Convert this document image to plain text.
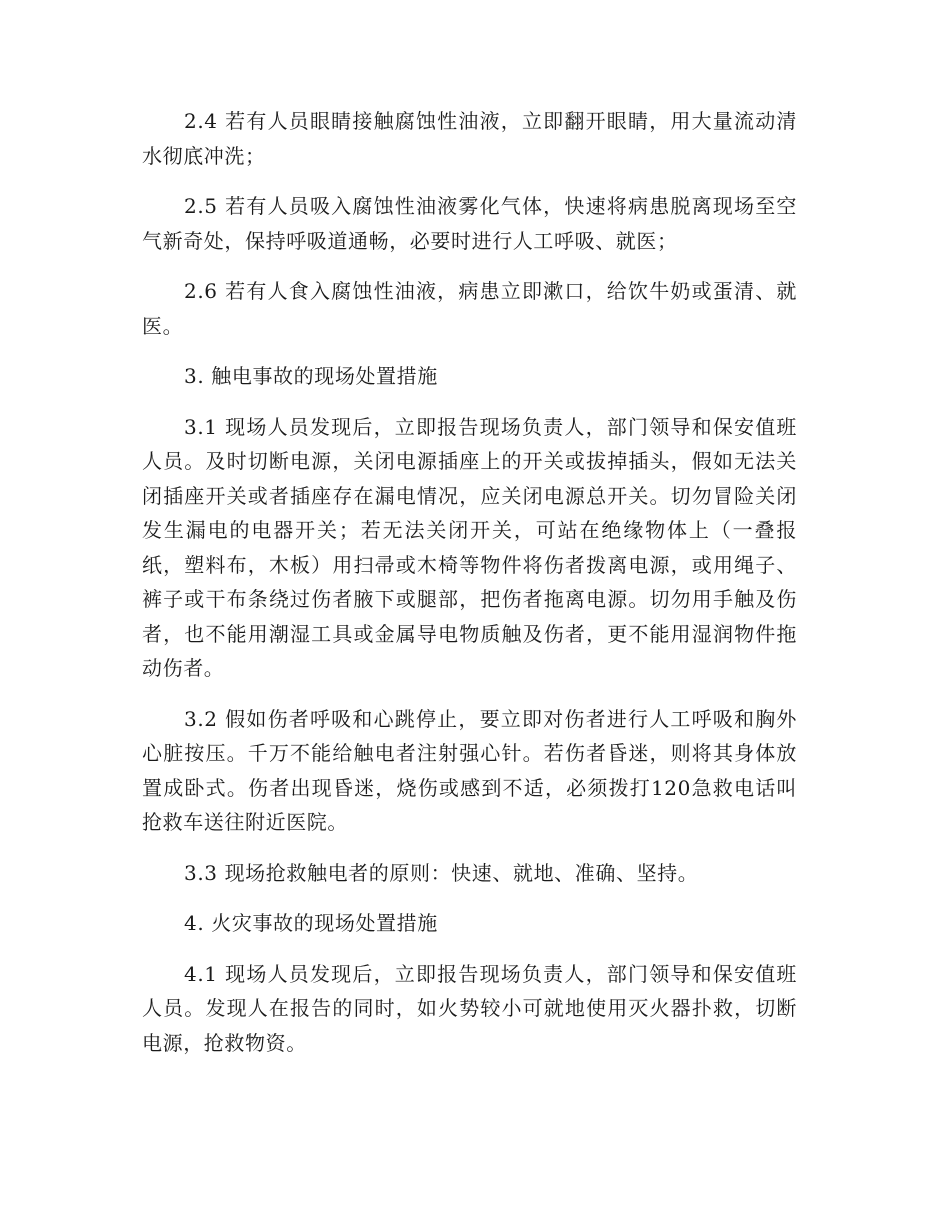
2.4 若有人员眼睛接触腐蚀性油液，立即翻开眼睛，用大量流动清水彻底冲洗；

2.5 若有人员吸入腐蚀性油液雾化气体，快速将病患脱离现场至空气新奇处，保持呼吸道通畅，必要时进行人工呼吸、就医；

2.6 若有人食入腐蚀性油液，病患立即漱口，给饮牛奶或蛋清、就医。

3. 触电事故的现场处置措施

3.1 现场人员发现后，立即报告现场负责人，部门领导和保安值班人员。及时切断电源，关闭电源插座上的开关或拔掉插头，假如无法关闭插座开关或者插座存在漏电情况，应关闭电源总开关。切勿冒险关闭发生漏电的电器开关；若无法关闭开关，可站在绝缘物体上（一叠报纸，塑料布，木板）用扫帚或木椅等物件将伤者拨离电源，或用绳子、裤子或干布条绕过伤者腋下或腿部，把伤者拖离电源。切勿用手触及伤者，也不能用潮湿工具或金属导电物质触及伤者，更不能用湿润物件拖动伤者。

3.2 假如伤者呼吸和心跳停止，要立即对伤者进行人工呼吸和胸外心脏按压。千万不能给触电者注射强心针。若伤者昏迷，则将其身体放置成卧式。伤者出现昏迷，烧伤或感到不适，必须拨打120急救电话叫抢救车送往附近医院。

3.3 现场抢救触电者的原则：快速、就地、准确、坚持。

4. 火灾事故的现场处置措施

4.1 现场人员发现后，立即报告现场负责人，部门领导和保安值班人员。发现人在报告的同时，如火势较小可就地使用灭火器扑救，切断电源，抢救物资。
